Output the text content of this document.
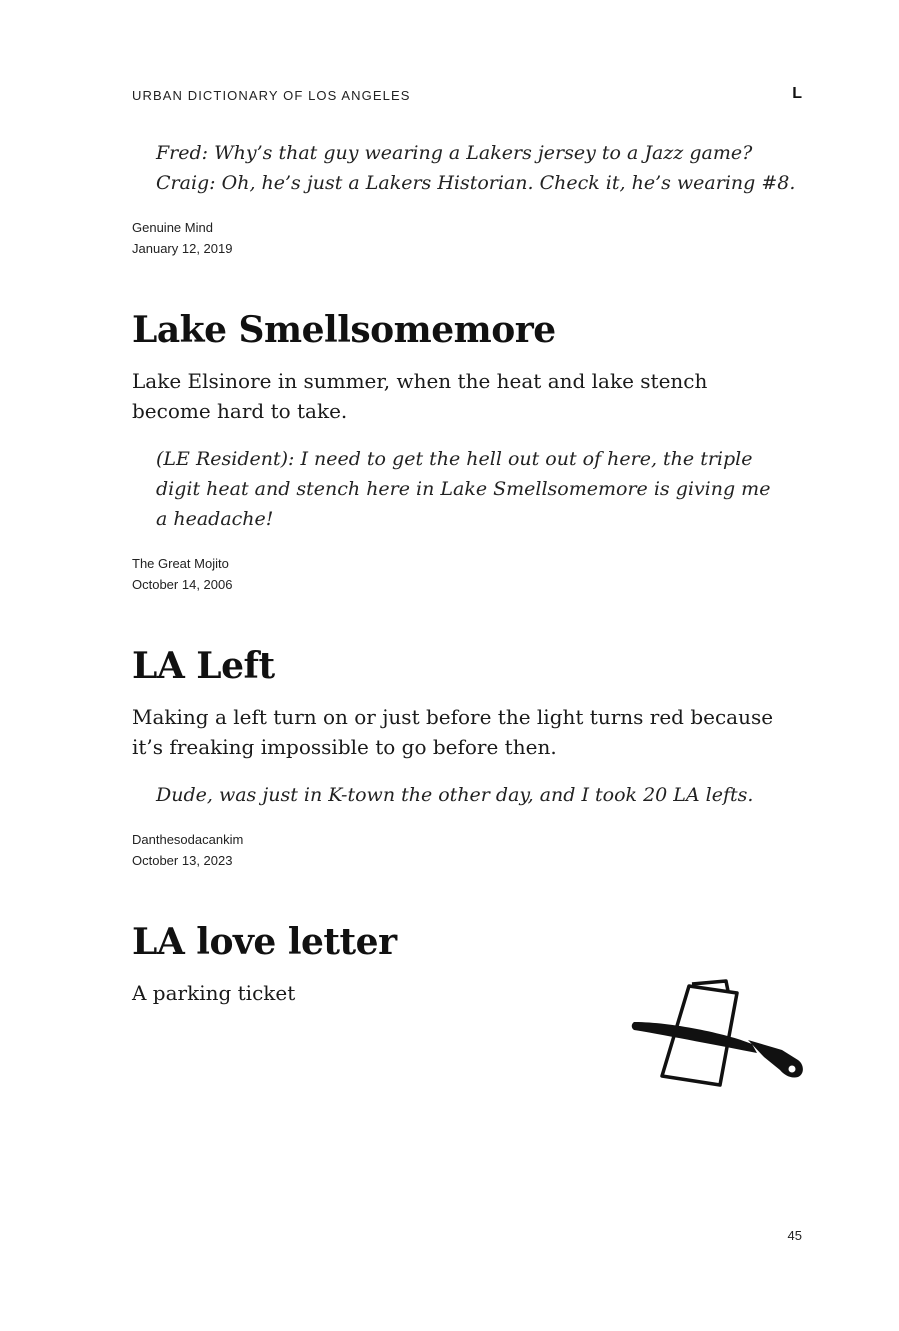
URBAN DICTIONARY OF LOS ANGELES	L

Fred: Why’s that guy wearing a Lakers jersey to a Jazz game?

Craig: Oh, he’s just a Lakers Historian. Check it, he’s wearing #8.

Genuine Mind
January 12, 2019
Lake Smellsomemore

Lake Elsinore in summer, when the heat and lake stench become hard to take.

(LE Resident): I need to get the hell out out of here, the triple digit heat and stench here in Lake Smellsomemore is giving me a headache!

The Great Mojito
October 14, 2006
LA Left

Making a left turn on or just before the light turns red because it’s freaking impossible to go before then.

Dude, was just in K-town the other day, and I took 20 LA lefts.

Danthesodacankim
October 13, 2023
LA love letter

A parking ticket

45
